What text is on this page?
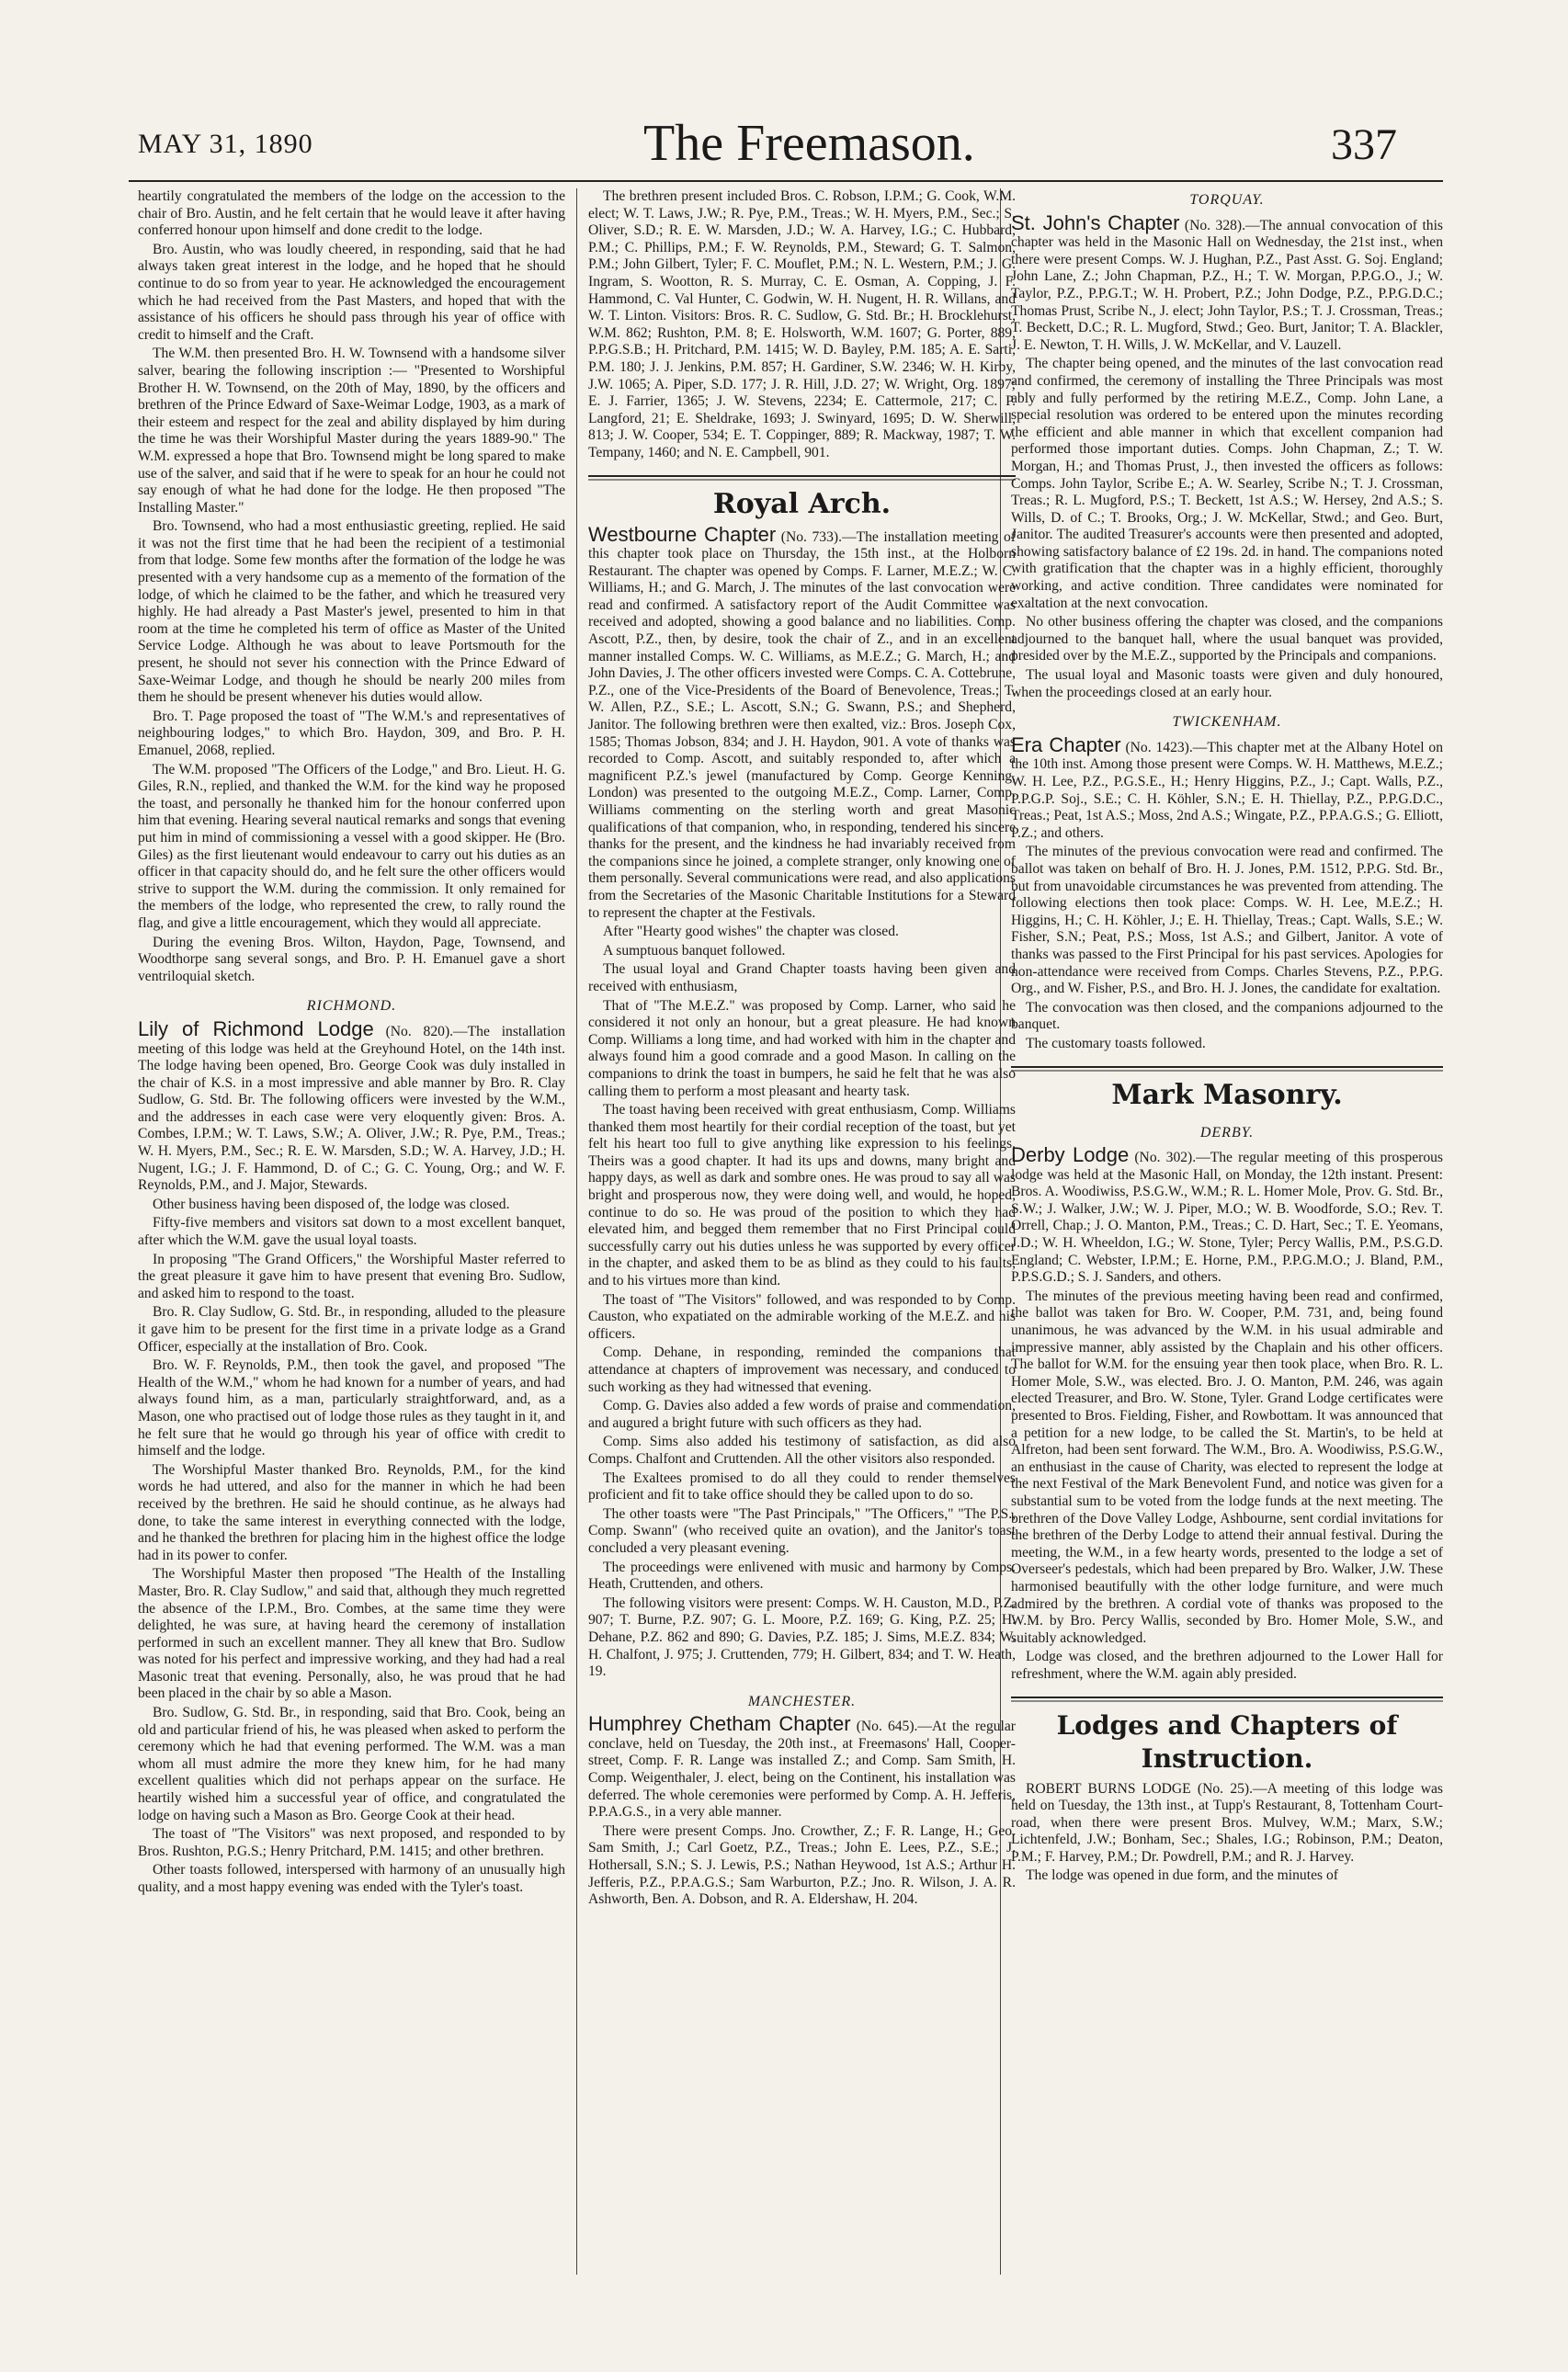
MAY 31, 1890	The Freemason.	337

heartily congratulated the members of the lodge on the accession to the chair of Bro. Austin, and he felt certain that he would leave it after having conferred honour upon himself and done credit to the lodge.

Bro. Austin, who was loudly cheered, in responding, said that he had always taken great interest in the lodge, and he hoped that he should continue to do so from year to year. He acknowledged the encouragement which he had received from the Past Masters, and hoped that with the assistance of his officers he should pass through his year of office with credit to himself and the Craft.

The W.M. then presented Bro. H. W. Townsend with a handsome silver salver, bearing the following inscription :— "Presented to Worshipful Brother H. W. Townsend, on the 20th of May, 1890, by the officers and brethren of the Prince Edward of Saxe-Weimar Lodge, 1903, as a mark of their esteem and respect for the zeal and ability displayed by him during the time he was their Worshipful Master during the years 1889-90." The W.M. expressed a hope that Bro. Townsend might be long spared to make use of the salver, and said that if he were to speak for an hour he could not say enough of what he had done for the lodge. He then proposed "The Installing Master."

Bro. Townsend, who had a most enthusiastic greeting, replied. He said it was not the first time that he had been the recipient of a testimonial from that lodge. Some few months after the formation of the lodge he was presented with a very handsome cup as a memento of the formation of the lodge, of which he claimed to be the father, and which he treasured very highly. He had already a Past Master's jewel, presented to him in that room at the time he completed his term of office as Master of the United Service Lodge. Although he was about to leave Portsmouth for the present, he should not sever his connection with the Prince Edward of Saxe-Weimar Lodge, and though he should be nearly 200 miles from them he should be present whenever his duties would allow.

Bro. T. Page proposed the toast of "The W.M.'s and representatives of neighbouring lodges," to which Bro. Haydon, 309, and Bro. P. H. Emanuel, 2068, replied.

The W.M. proposed "The Officers of the Lodge," and Bro. Lieut. H. G. Giles, R.N., replied, and thanked the W.M. for the kind way he proposed the toast, and personally he thanked him for the honour conferred upon him that evening. Hearing several nautical remarks and songs that evening put him in mind of commissioning a vessel with a good skipper. He (Bro. Giles) as the first lieutenant would endeavour to carry out his duties as an officer in that capacity should do, and he felt sure the other officers would strive to support the W.M. during the commission. It only remained for the members of the lodge, who represented the crew, to rally round the flag, and give a little encouragement, which they would all appreciate.

During the evening Bros. Wilton, Haydon, Page, Townsend, and Woodthorpe sang several songs, and Bro. P. H. Emanuel gave a short ventriloquial sketch.

RICHMOND.

Lily of Richmond Lodge (No. 820).—The installation meeting of this lodge was held at the Greyhound Hotel, on the 14th inst. The lodge having been opened, Bro. George Cook was duly installed in the chair of K.S. in a most impressive and able manner by Bro. R. Clay Sudlow, G. Std. Br. The following officers were invested by the W.M., and the addresses in each case were very eloquently given: Bros. A. Combes, I.P.M.; W. T. Laws, S.W.; A. Oliver, J.W.; R. Pye, P.M., Treas.; W. H. Myers, P.M., Sec.; R. E. W. Marsden, S.D.; W. A. Harvey, J.D.; H. Nugent, I.G.; J. F. Hammond, D. of C.; G. C. Young, Org.; and W. F. Reynolds, P.M., and J. Major, Stewards.

Other business having been disposed of, the lodge was closed.

Fifty-five members and visitors sat down to a most excellent banquet, after which the W.M. gave the usual loyal toasts.

In proposing "The Grand Officers," the Worshipful Master referred to the great pleasure it gave him to have present that evening Bro. Sudlow, and asked him to respond to the toast.

Bro. R. Clay Sudlow, G. Std. Br., in responding, alluded to the pleasure it gave him to be present for the first time in a private lodge as a Grand Officer, especially at the installation of Bro. Cook.

Bro. W. F. Reynolds, P.M., then took the gavel, and proposed "The Health of the W.M.," whom he had known for a number of years, and had always found him, as a man, particularly straightforward, and, as a Mason, one who practised out of lodge those rules as they taught in it, and he felt sure that he would go through his year of office with credit to himself and the lodge.

The Worshipful Master thanked Bro. Reynolds, P.M., for the kind words he had uttered, and also for the manner in which he had been received by the brethren. He said he should continue, as he always had done, to take the same interest in everything connected with the lodge, and he thanked the brethren for placing him in the highest office the lodge had in its power to confer.

The Worshipful Master then proposed "The Health of the Installing Master, Bro. R. Clay Sudlow," and said that, although they much regretted the absence of the I.P.M., Bro. Combes, at the same time they were delighted, he was sure, at having heard the ceremony of installation performed in such an excellent manner. They all knew that Bro. Sudlow was noted for his perfect and impressive working, and they had had a real Masonic treat that evening. Personally, also, he was proud that he had been placed in the chair by so able a Mason.

Bro. Sudlow, G. Std. Br., in responding, said that Bro. Cook, being an old and particular friend of his, he was pleased when asked to perform the ceremony which he had that evening performed. The W.M. was a man whom all must admire the more they knew him, for he had many excellent qualities which did not perhaps appear on the surface. He heartily wished him a successful year of office, and congratulated the lodge on having such a Mason as Bro. George Cook at their head.

The toast of "The Visitors" was next proposed, and responded to by Bros. Rushton, P.G.S.; Henry Pritchard, P.M. 1415; and other brethren.

Other toasts followed, interspersed with harmony of an unusually high quality, and a most happy evening was ended with the Tyler's toast.

The brethren present included Bros. C. Robson, I.P.M.; G. Cook, W.M. elect; W. T. Laws, J.W.; R. Pye, P.M., Treas.; W. H. Myers, P.M., Sec.; S. Oliver, S.D.; R. E. W. Marsden, J.D.; W. A. Harvey, I.G.; C. Hubbard, P.M.; C. Phillips, P.M.; F. W. Reynolds, P.M., Steward; G. T. Salmon, P.M.; John Gilbert, Tyler; F. C. Mouflet, P.M.; N. L. Western, P.M.; J. G. Ingram, S. Wootton, R. S. Murray, C. E. Osman, A. Copping, J. F. Hammond, C. Val Hunter, C. Godwin, W. H. Nugent, H. R. Willans, and W. T. Linton. Visitors: Bros. R. C. Sudlow, G. Std. Br.; H. Brocklehurst, W.M. 862; Rushton, P.M. 8; E. Holsworth, W.M. 1607; G. Porter, 889, P.P.G.S.B.; H. Pritchard, P.M. 1415; W. D. Bayley, P.M. 185; A. E. Sarti, P.M. 180; J. J. Jenkins, P.M. 857; H. Gardiner, S.W. 2346; W. H. Kirby, J.W. 1065; A. Piper, S.D. 177; J. R. Hill, J.D. 27; W. Wright, Org. 1897; E. J. Farrier, 1365; J. W. Stevens, 2234; E. Cattermole, 217; C. P. Langford, 21; E. Sheldrake, 1693; J. Swinyard, 1695; D. W. Sherwill, 813; J. W. Cooper, 534; E. T. Coppinger, 889; R. Mackway, 1987; T. W. Tempany, 1460; and N. E. Campbell, 901.

Royal Arch.

Westbourne Chapter (No. 733).—The installation meeting of this chapter took place on Thursday, the 15th inst., at the Holborn Restaurant. The chapter was opened by Comps. F. Larner, M.E.Z.; W. C. Williams, H.; and G. March, J. The minutes of the last convocation were read and confirmed. A satisfactory report of the Audit Committee was received and adopted, showing a good balance and no liabilities. Comp. Ascott, P.Z., then, by desire, took the chair of Z., and in an excellent manner installed Comps. W. C. Williams, as M.E.Z.; G. March, H.; and John Davies, J. The other officers invested were Comps. C. A. Cottebrune, P.Z., one of the Vice-Presidents of the Board of Benevolence, Treas.; T. W. Allen, P.Z., S.E.; L. Ascott, S.N.; G. Swann, P.S.; and Shepherd, Janitor. The following brethren were then exalted, viz.: Bros. Joseph Cox, 1585; Thomas Jobson, 834; and J. H. Haydon, 901. A vote of thanks was recorded to Comp. Ascott, and suitably responded to, after which a magnificent P.Z.'s jewel (manufactured by Comp. George Kenning, London) was presented to the outgoing M.E.Z., Comp. Larner, Comp. Williams commenting on the sterling worth and great Masonic qualifications of that companion, who, in responding, tendered his sincere thanks for the present, and the kindness he had invariably received from the companions since he joined, a complete stranger, only knowing one of them personally. Several communications were read, and also applications from the Secretaries of the Masonic Charitable Institutions for a Steward to represent the chapter at the Festivals.

After "Hearty good wishes" the chapter was closed.

A sumptuous banquet followed.

The usual loyal and Grand Chapter toasts having been given and received with enthusiasm,

That of "The M.E.Z." was proposed by Comp. Larner, who said he considered it not only an honour, but a great pleasure. He had known Comp. Williams a long time, and had worked with him in the chapter and always found him a good comrade and a good Mason. In calling on the companions to drink the toast in bumpers, he said he felt that he was also calling them to perform a most pleasant and hearty task.

The toast having been received with great enthusiasm, Comp. Williams thanked them most heartily for their cordial reception of the toast, but yet felt his heart too full to give anything like expression to his feelings. Theirs was a good chapter. It had its ups and downs, many bright and happy days, as well as dark and sombre ones. He was proud to say all was bright and prosperous now, they were doing well, and would, he hoped, continue to do so. He was proud of the position to which they had elevated him, and begged them remember that no First Principal could successfully carry out his duties unless he was supported by every officer in the chapter, and asked them to be as blind as they could to his faults, and to his virtues more than kind.

The toast of "The Visitors" followed, and was responded to by Comp. Causton, who expatiated on the admirable working of the M.E.Z. and his officers.

Comp. Dehane, in responding, reminded the companions that attendance at chapters of improvement was necessary, and conduced to such working as they had witnessed that evening.

Comp. G. Davies also added a few words of praise and commendation, and augured a bright future with such officers as they had.

Comp. Sims also added his testimony of satisfaction, as did also Comps. Chalfont and Cruttenden. All the other visitors also responded.

The Exaltees promised to do all they could to render themselves proficient and fit to take office should they be called upon to do so.

The other toasts were "The Past Principals," "The Officers," "The P.S., Comp. Swann" (who received quite an ovation), and the Janitor's toast concluded a very pleasant evening.

The proceedings were enlivened with music and harmony by Comps. Heath, Cruttenden, and others.

The following visitors were present: Comps. W. H. Causton, M.D., P.Z. 907; T. Burne, P.Z. 907; G. L. Moore, P.Z. 169; G. King, P.Z. 25; H. Dehane, P.Z. 862 and 890; G. Davies, P.Z. 185; J. Sims, M.E.Z. 834; W. H. Chalfont, J. 975; J. Cruttenden, 779; H. Gilbert, 834; and T. W. Heath, 19.

MANCHESTER.

Humphrey Chetham Chapter (No. 645).—At the regular conclave, held on Tuesday, the 20th inst., at Freemasons' Hall, Cooper-street, Comp. F. R. Lange was installed Z.; and Comp. Sam Smith, H. Comp. Weigenthaler, J. elect, being on the Continent, his installation was deferred. The whole ceremonies were performed by Comp. A. H. Jefferis, P.P.A.G.S., in a very able manner.

There were present Comps. Jno. Crowther, Z.; F. R. Lange, H.; Geo. Sam Smith, J.; Carl Goetz, P.Z., Treas.; John E. Lees, P.Z., S.E.; J. Hothersall, S.N.; S. J. Lewis, P.S.; Nathan Heywood, 1st A.S.; Arthur H. Jefferis, P.Z., P.P.A.G.S.; Sam Warburton, P.Z.; Jno. R. Wilson, J. A. R. Ashworth, Ben. A. Dobson, and R. A. Eldershaw, H. 204.

TORQUAY.

St. John's Chapter (No. 328).—The annual convocation of this chapter was held in the Masonic Hall on Wednesday, the 21st inst., when there were present Comps. W. J. Hughan, P.Z., Past Asst. G. Soj. England; John Lane, Z.; John Chapman, P.Z., H.; T. W. Morgan, P.P.G.O., J.; W. Taylor, P.Z., P.P.G.T.; W. H. Probert, P.Z.; John Dodge, P.Z., P.P.G.D.C.; Thomas Prust, Scribe N., J. elect; John Taylor, P.S.; T. J. Crossman, Treas.; T. Beckett, D.C.; R. L. Mugford, Stwd.; Geo. Burt, Janitor; T. A. Blackler, J. E. Newton, T. H. Wills, J. W. McKellar, and V. Lauzell.

The chapter being opened, and the minutes of the last convocation read and confirmed, the ceremony of installing the Three Principals was most ably and fully performed by the retiring M.E.Z., Comp. John Lane, a special resolution was ordered to be entered upon the minutes recording the efficient and able manner in which that excellent companion had performed those important duties. Comps. John Chapman, Z.; T. W. Morgan, H.; and Thomas Prust, J., then invested the officers as follows: Comps. John Taylor, Scribe E.; A. W. Searley, Scribe N.; T. J. Crossman, Treas.; R. L. Mugford, P.S.; T. Beckett, 1st A.S.; W. Hersey, 2nd A.S.; S. Wills, D. of C.; T. Brooks, Org.; J. W. McKellar, Stwd.; and Geo. Burt, Janitor. The audited Treasurer's accounts were then presented and adopted, showing satisfactory balance of £2 19s. 2d. in hand. The companions noted with gratification that the chapter was in a highly efficient, thoroughly working, and active condition. Three candidates were nominated for exaltation at the next convocation.

No other business offering the chapter was closed, and the companions adjourned to the banquet hall, where the usual banquet was provided, presided over by the M.E.Z., supported by the Principals and companions.

The usual loyal and Masonic toasts were given and duly honoured, when the proceedings closed at an early hour.

TWICKENHAM.

Era Chapter (No. 1423).—This chapter met at the Albany Hotel on the 10th inst. Among those present were Comps. W. H. Matthews, M.E.Z.; W. H. Lee, P.Z., P.G.S.E., H.; Henry Higgins, P.Z., J.; Capt. Walls, P.Z., P.P.G.P. Soj., S.E.; C. H. Köhler, S.N.; E. H. Thiellay, P.Z., P.P.G.D.C., Treas.; Peat, 1st A.S.; Moss, 2nd A.S.; Wingate, P.Z., P.P.A.G.S.; G. Elliott, P.Z.; and others.

The minutes of the previous convocation were read and confirmed. The ballot was taken on behalf of Bro. H. J. Jones, P.M. 1512, P.P.G. Std. Br., but from unavoidable circumstances he was prevented from attending. The following elections then took place: Comps. W. H. Lee, M.E.Z.; H. Higgins, H.; C. H. Köhler, J.; E. H. Thiellay, Treas.; Capt. Walls, S.E.; W. Fisher, S.N.; Peat, P.S.; Moss, 1st A.S.; and Gilbert, Janitor. A vote of thanks was passed to the First Principal for his past services. Apologies for non-attendance were received from Comps. Charles Stevens, P.Z., P.P.G. Org., and W. Fisher, P.S., and Bro. H. J. Jones, the candidate for exaltation.

The convocation was then closed, and the companions adjourned to the banquet.

The customary toasts followed.

Mark Masonry.

DERBY.

Derby Lodge (No. 302).—The regular meeting of this prosperous lodge was held at the Masonic Hall, on Monday, the 12th instant. Present: Bros. A. Woodiwiss, P.S.G.W., W.M.; R. L. Homer Mole, Prov. G. Std. Br., S.W.; J. Walker, J.W.; W. J. Piper, M.O.; W. B. Woodforde, S.O.; Rev. T. Orrell, Chap.; J. O. Manton, P.M., Treas.; C. D. Hart, Sec.; T. E. Yeomans, J.D.; W. H. Wheeldon, I.G.; W. Stone, Tyler; Percy Wallis, P.M., P.S.G.D. England; C. Webster, I.P.M.; E. Horne, P.M., P.P.G.M.O.; J. Bland, P.M., P.P.S.G.D.; S. J. Sanders, and others.

The minutes of the previous meeting having been read and confirmed, the ballot was taken for Bro. W. Cooper, P.M. 731, and, being found unanimous, he was advanced by the W.M. in his usual admirable and impressive manner, ably assisted by the Chaplain and his other officers. The ballot for W.M. for the ensuing year then took place, when Bro. R. L. Homer Mole, S.W., was elected. Bro. J. O. Manton, P.M. 246, was again elected Treasurer, and Bro. W. Stone, Tyler. Grand Lodge certificates were presented to Bros. Fielding, Fisher, and Rowbottam. It was announced that a petition for a new lodge, to be called the St. Martin's, to be held at Alfreton, had been sent forward. The W.M., Bro. A. Woodiwiss, P.S.G.W., an enthusiast in the cause of Charity, was elected to represent the lodge at the next Festival of the Mark Benevolent Fund, and notice was given for a substantial sum to be voted from the lodge funds at the next meeting. The brethren of the Dove Valley Lodge, Ashbourne, sent cordial invitations for the brethren of the Derby Lodge to attend their annual festival. During the meeting, the W.M., in a few hearty words, presented to the lodge a set of Overseer's pedestals, which had been prepared by Bro. Walker, J.W. These harmonised beautifully with the other lodge furniture, and were much admired by the brethren. A cordial vote of thanks was proposed to the W.M. by Bro. Percy Wallis, seconded by Bro. Homer Mole, S.W., and suitably acknowledged.

Lodge was closed, and the brethren adjourned to the Lower Hall for refreshment, where the W.M. again ably presided.

Lodges and Chapters of Instruction.

ROBERT BURNS LODGE (No. 25).—A meeting of this lodge was held on Tuesday, the 13th inst., at Tupp's Restaurant, 8, Tottenham Court-road, when there were present Bros. Mulvey, W.M.; Marx, S.W.; Lichtenfeld, J.W.; Bonham, Sec.; Shales, I.G.; Robinson, P.M.; Deaton, P.M.; F. Harvey, P.M.; Dr. Powdrell, P.M.; and R. J. Harvey.

The lodge was opened in due form, and the minutes of
